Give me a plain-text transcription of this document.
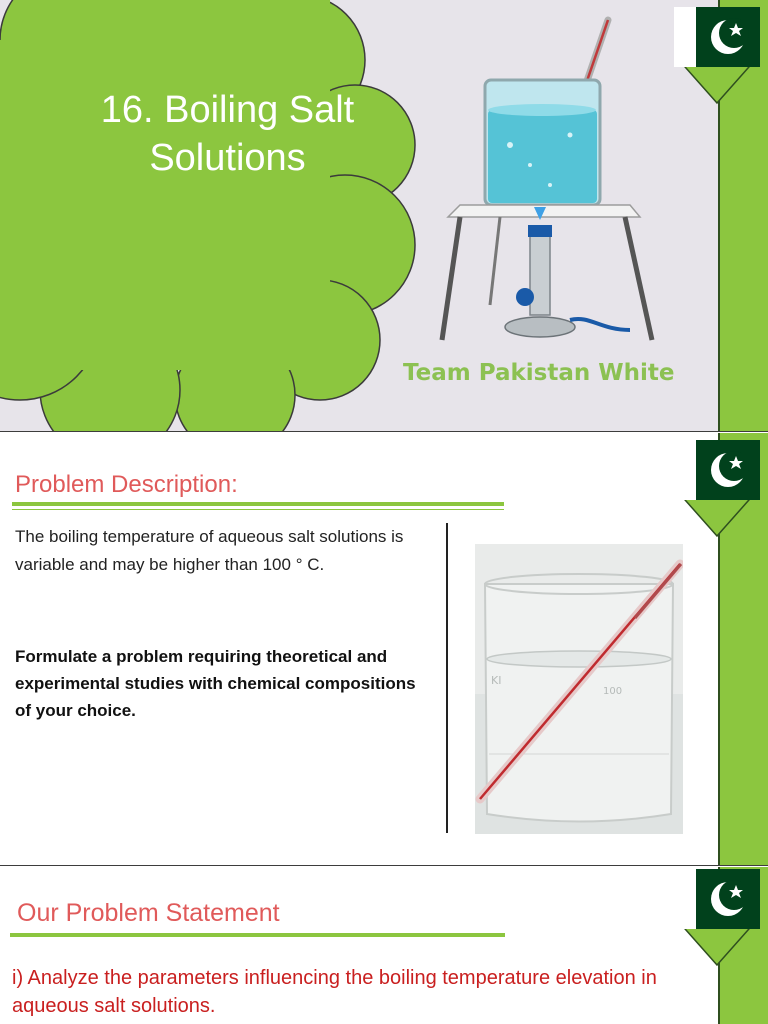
16. Boiling Salt Solutions
Team Pakistan White
Problem Description:
The boiling temperature of aqueous salt solutions is variable and may be higher than 100 ° C.
Formulate a problem requiring theoretical and experimental studies with chemical compositions of your choice.
KI
100
Our Problem Statement
i) Analyze the parameters influencing the boiling temperature elevation in aqueous salt solutions.
